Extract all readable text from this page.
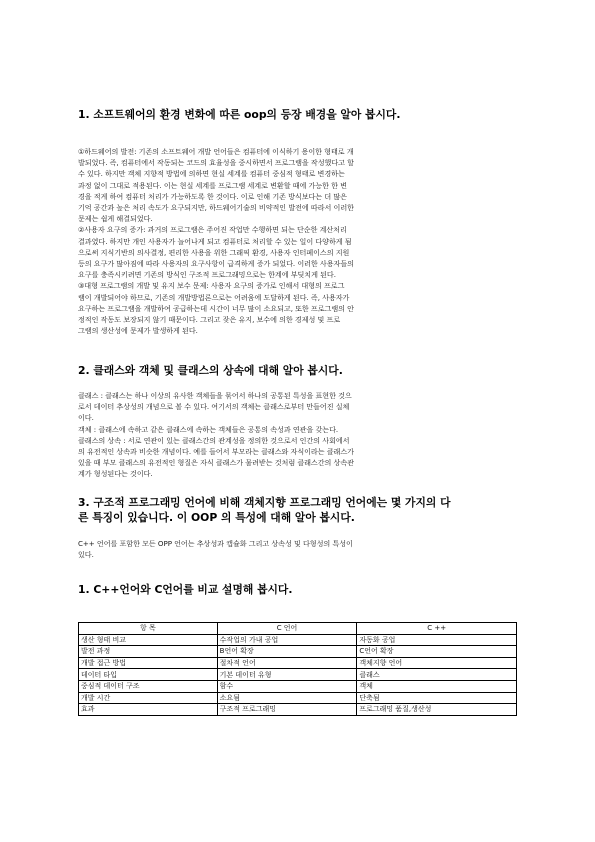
1. 소프트웨어의 환경 변화에 따른 oop의 등장 배경을 알아 봅시다.
①하드웨어의 발전: 기존의 소프트웨어 개발 언어들은 컴퓨터에 이식하기 용이한 형태로 개
발되었다. 즉, 컴퓨터에서 작동되는 코드의 효율성을 중시하면서 프로그램을 작성했다고 할
수 있다. 하지만 객체 지향적 방법에 의하면 현실 세계를 컴퓨터 중심적 형태로 변경하는
과정 없이 그대로 적용된다. 이는 현실 세계를 프로그램 세계로 변환할 때에 가능한 한 변
경을 적게 하여 컴퓨터 처리가 가능하도록 한 것이다. 이로 인해 기존 방식보다는 더 많은
기억 공간과 높은 처리 속도가 요구되지만, 하드웨어기술의 비약적인 발전에 따라서 이러한
문제는 쉽게 해결되었다.
②사용자 요구의 증가: 과거의 프로그램은 주어진 작업만 수행하면 되는 단순한 계산처리
결과였다. 하지만 개인 사용자가 늘어나게 되고 컴퓨터로 처리할 수 있는 일이 다양하게 됨
으로써 지식기반의 의사결정, 편리한 사용을 위한 그래픽 환경, 사용자 인터페이스의 지원
등의 요구가 많아짐에 따라 사용자의 요구사항이 급격하게 증가 되었다. 이러한 사용자들의
요구를 충족시키려면 기존의 방식인 구조적 프로그래밍으로는 한계에 부딪치게 된다.
③대형 프로그램의 개발 및 유지 보수 문제: 사용자 요구의 증가로 인해서 대형의 프로그
램이 개발되어야 하므로, 기존의 개발방법론으로는 어려움에 도달하게 된다. 즉, 사용자가
요구하는 프로그램을 개발하여 공급하는데 시간이 너무 많이 소요되고, 또한 프로그램의 안
정적인 작동도 보장되지 않기 때문이다. 그리고 잦은 유지, 보수에 의한 경제성 및 프로
그램의 생산성에 문제가 발생하게 된다.
2. 클래스와 객체 및 클래스의 상속에 대해 알아 봅시다.
클래스 : 클래스는 하나 이상의 유사한 객체들을 묶어서 하나의 공통된 특성을 표현한 것으
로서 데이터 추상성의 개념으로 볼 수 있다. 여기서의 객체는 클래스로부터 만들어진 실체
이다.
객체 : 클래스에 속하고 같은 클래스에 속하는 객체들은 공통의 속성과 연관을 갖는다.
클래스의 상속 : 서로 연관이 있는 클래스간의 관계성을 정의한 것으로서 인간의 사회에서
의 유전적인 상속과 비슷한 개념이다. 예를 들어서 부모라는 클래스와 자식이라는 클래스가
있을 때 부모 클래스의 유전적인 형질은 자식 클래스가 물려받는 것처럼 클래스간의 상속관
계가 형성된다는 것이다.
3. 구조적 프로그래밍 언어에 비해 객체지향 프로그래밍 언어에는 몇 가지의 다
른 특징이 있습니다. 이 OOP 의 특성에 대해 알아 봅시다.
C++ 언어를 포함한 모든 OPP 언어는 추상성과 캡슐화 그리고 상속성 및 다형성의 특성이
있다.
1. C++언어와 C언어를 비교 설명해 봅시다.
항 목	C 언어	C ++
생산 형태 비교	수작업의 가내 공업	자동화 공업
발전 과정	B언어 확장	C언어 확장
개발 접근 방법	절차적 언어	객체지향 언어
데이터 타입	기본 데이터 유형	클래스
중심적 데이터 구조	함수	객체
개발 시간	소요됨	단축됨
효과	구조적 프로그래밍	프로그래밍 품질,생산성
